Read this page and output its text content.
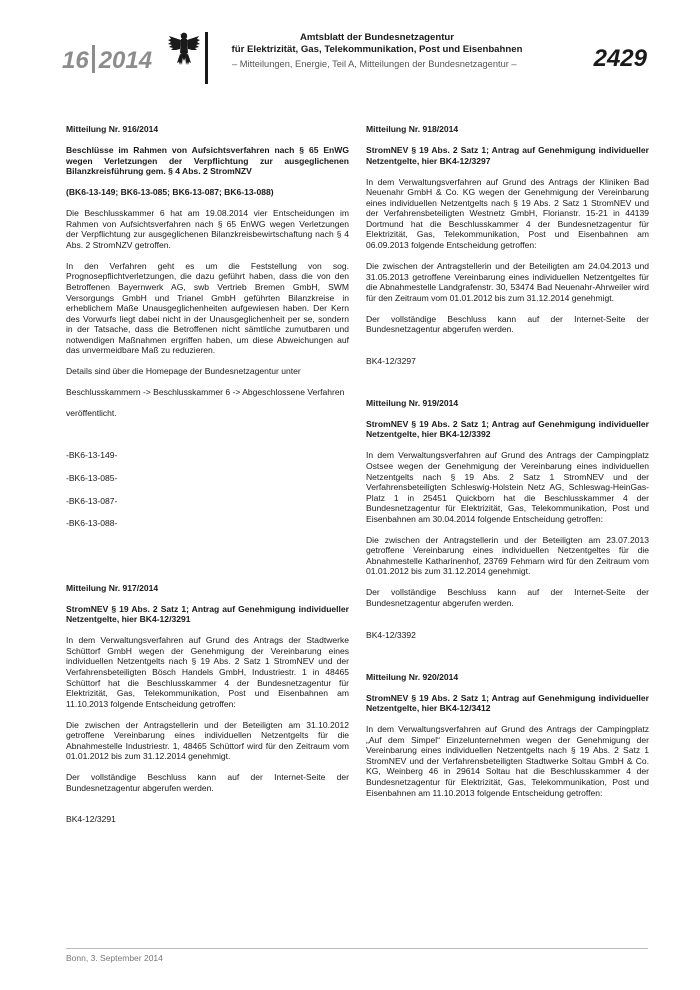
16 2014
Amtsblatt der Bundesnetzagentur
für Elektrizität, Gas, Telekommunikation, Post und Eisenbahnen
– Mitteilungen, Energie, Teil A, Mitteilungen der Bundesnetzagentur –	2429

Mitteilung Nr. 916/2014

Beschlüsse im Rahmen von Aufsichtsverfahren nach § 65 EnWG wegen Verletzungen der Verpflichtung zur ausgeglichenen Bilanzkreisführung gem. § 4 Abs. 2 StromNZV

(BK6-13-149; BK6-13-085; BK6-13-087; BK6-13-088)

Die Beschlusskammer 6 hat am 19.08.2014 vier Entscheidungen im Rahmen von Aufsichtsverfahren nach § 65 EnWG wegen Verletzungen der Verpflichtung zur ausgeglichenen Bilanzkreisbewirtschaftung nach § 4 Abs. 2 StromNZV getroffen.

In den Verfahren geht es um die Feststellung von sog. Prognosepflichtverletzungen, die dazu geführt haben, dass die von den Betroffenen Bayernwerk AG, swb Vertrieb Bremen GmbH, SWM Versorgungs GmbH und Trianel GmbH geführten Bilanzkreise in erheblichem Maße Unausgeglichenheiten aufgewiesen haben. Der Kern des Vorwurfs liegt dabei nicht in der Unausgeglichenheit per se, sondern in der Tatsache, dass die Betroffenen nicht sämtliche zumutbaren und notwendigen Maßnahmen ergriffen haben, um diese Abweichungen auf das unvermeidbare Maß zu reduzieren.

Details sind über die Homepage der Bundesnetzagentur unter

Beschlusskammern -> Beschlusskammer 6 -> Abgeschlossene Verfahren

veröffentlicht.

-BK6-13-149-

-BK6-13-085-

-BK6-13-087-

-BK6-13-088-

Mitteilung Nr. 917/2014

StromNEV § 19 Abs. 2 Satz 1; Antrag auf Genehmigung individueller Netzentgelte, hier BK4-12/3291

In dem Verwaltungsverfahren auf Grund des Antrags der Stadtwerke Schüttorf GmbH wegen der Genehmigung der Vereinbarung eines individuellen Netzentgelts nach § 19 Abs. 2 Satz 1 StromNEV und der Verfahrensbeteiligten Bösch Handels GmbH, Industriestr. 1 in 48465 Schüttorf hat die Beschlusskammer 4 der Bundesnetzagentur für Elektrizität, Gas, Telekommunikation, Post und Eisenbahnen am 11.10.2013 folgende Entscheidung getroffen:

Die zwischen der Antragstellerin und der Beteiligten am 31.10.2012 getroffene Vereinbarung eines individuellen Netzentgelts für die Abnahmestelle Industriestr. 1, 48465 Schüttorf wird für den Zeitraum vom 01.01.2012 bis zum 31.12.2014 genehmigt.

Der vollständige Beschluss kann auf der Internet-Seite der Bundesnetzagentur abgerufen werden.

BK4-12/3291

Mitteilung Nr. 918/2014

StromNEV § 19 Abs. 2 Satz 1; Antrag auf Genehmigung individueller Netzentgelte, hier BK4-12/3297

In dem Verwaltungsverfahren auf Grund des Antrags der Kliniken Bad Neuenahr GmbH & Co. KG wegen der Genehmigung der Vereinbarung eines individuellen Netzentgelts nach § 19 Abs. 2 Satz 1 StromNEV und der Verfahrensbeteiligten Westnetz GmbH, Florianstr. 15-21 in 44139 Dortmund hat die Beschlusskammer 4 der Bundesnetzagentur für Elektrizität, Gas, Telekommunikation, Post und Eisenbahnen am 06.09.2013 folgende Entscheidung getroffen:

Die zwischen der Antragstellerin und der Beteiligten am 24.04.2013 und 31.05.2013 getroffene Vereinbarung eines individuellen Netzentgeltes für die Abnahmestelle Landgrafenstr. 30, 53474 Bad Neuenahr-Ahrweiler wird für den Zeitraum vom 01.01.2012 bis zum 31.12.2014 genehmigt.

Der vollständige Beschluss kann auf der Internet-Seite der Bundesnetzagentur abgerufen werden.

BK4-12/3297

Mitteilung Nr. 919/2014

StromNEV § 19 Abs. 2 Satz 1; Antrag auf Genehmigung individueller Netzentgelte, hier BK4-12/3392

In dem Verwaltungsverfahren auf Grund des Antrags der Campingplatz Ostsee wegen der Genehmigung der Vereinbarung eines individuellen Netzentgelts nach § 19 Abs. 2 Satz 1 StromNEV und der Verfahrensbeteiligten Schleswig-Holstein Netz AG, Schleswag-HeinGas-Platz 1 in 25451 Quickborn hat die Beschlusskammer 4 der Bundesnetzagentur für Elektrizität, Gas, Telekommunikation, Post und Eisenbahnen am 30.04.2014 folgende Entscheidung getroffen:

Die zwischen der Antragstellerin und der Beteiligten am 23.07.2013 getroffene Vereinbarung eines individuellen Netzentgeltes für die Abnahmestelle Katharinenhof, 23769 Fehmarn wird für den Zeitraum vom 01.01.2012 bis zum 31.12.2014 genehmigt.

Der vollständige Beschluss kann auf der Internet-Seite der Bundesnetzagentur abgerufen werden.

BK4-12/3392

Mitteilung Nr. 920/2014

StromNEV § 19 Abs. 2 Satz 1; Antrag auf Genehmigung individueller Netzentgelte, hier BK4-12/3412

In dem Verwaltungsverfahren auf Grund des Antrags der Campingplatz „Auf dem Simpel“ Einzelunternehmen wegen der Genehmigung der Vereinbarung eines individuellen Netzentgelts nach § 19 Abs. 2 Satz 1 StromNEV und der Verfahrensbeteiligten Stadtwerke Soltau GmbH & Co. KG, Weinberg 46 in 29614 Soltau hat die Beschlusskammer 4 der Bundesnetzagentur für Elektrizität, Gas, Telekommunikation, Post und Eisenbahnen am 11.10.2013 folgende Entscheidung getroffen:

Bonn, 3. September 2014
